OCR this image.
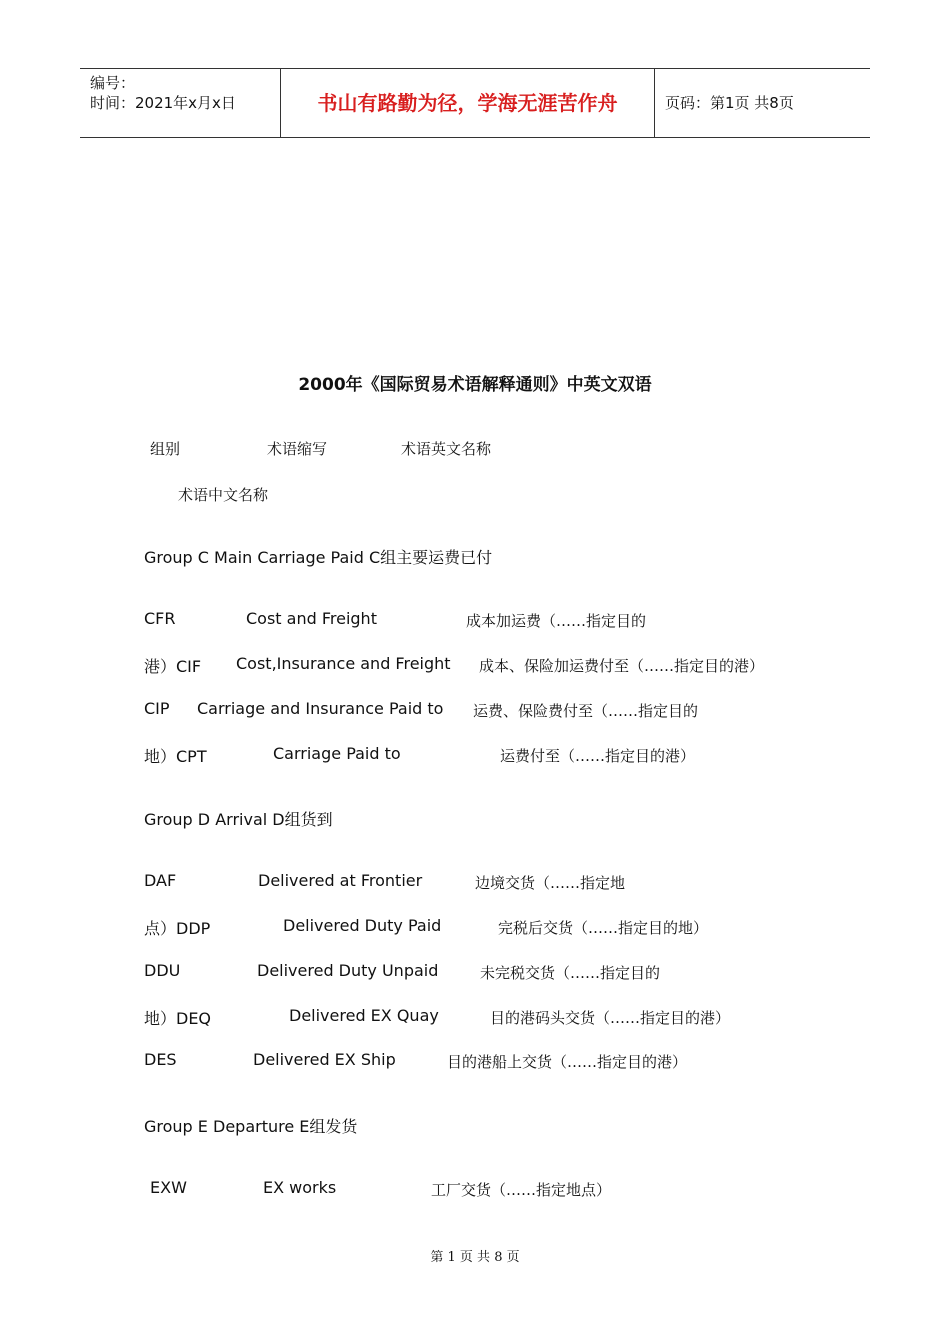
编号：
时间：2021年x月x日	书山有路勤为径，学海无涯苦作舟	页码：第1页 共8页
2000年《国际贸易术语解释通则》中英文双语
组别	术语缩写	术语英文名称
术语中文名称
Group C Main Carriage Paid C组主要运费已付
CFR	Cost and Freight	成本加运费（……指定目的
港）CIF Cost,Insurance and Freight 成本、保险加运费付至（……指定目的港）
CIP Carriage and Insurance Paid to 运费、保险费付至（……指定目的
地）CPT	Carriage Paid to	运费付至（……指定目的港）
Group D Arrival D组货到
DAF	Delivered at Frontier	边境交货（……指定地
点）DDP	Delivered Duty Paid	完税后交货（……指定目的地）
DDU	Delivered Duty Unpaid	未完税交货（……指定目的
地）DEQ	Delivered EX Quay	目的港码头交货（……指定目的港）
DES	Delivered EX Ship	目的港船上交货（……指定目的港）
Group E Departure E组发货
EXW	EX works	工厂交货（……指定地点）
第 1 页 共 8 页
